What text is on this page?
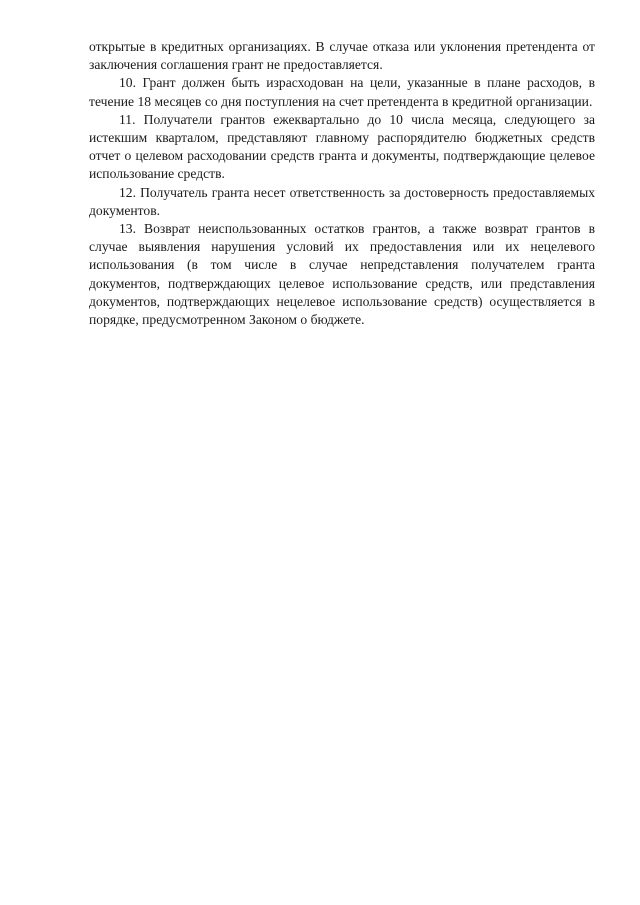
открытые в кредитных организациях. В случае отказа или уклонения претендента от заключения соглашения грант не предоставляется.

10. Грант должен быть израсходован на цели, указанные в плане расходов, в течение 18 месяцев со дня поступления на счет претендента в кредитной организации.

11. Получатели грантов ежеквартально до 10 числа месяца, следующего за истекшим кварталом, представляют главному распорядителю бюджетных средств отчет о целевом расходовании средств гранта и документы, подтверждающие целевое использование средств.

12. Получатель гранта несет ответственность за достоверность предоставляемых документов.

13. Возврат неиспользованных остатков грантов, а также возврат грантов в случае выявления нарушения условий их предоставления или их нецелевого использования (в том числе в случае непредставления получателем гранта документов, подтверждающих целевое использование средств, или представления документов, подтверждающих нецелевое использование средств) осуществляется в порядке, предусмотренном Законом о бюджете.
